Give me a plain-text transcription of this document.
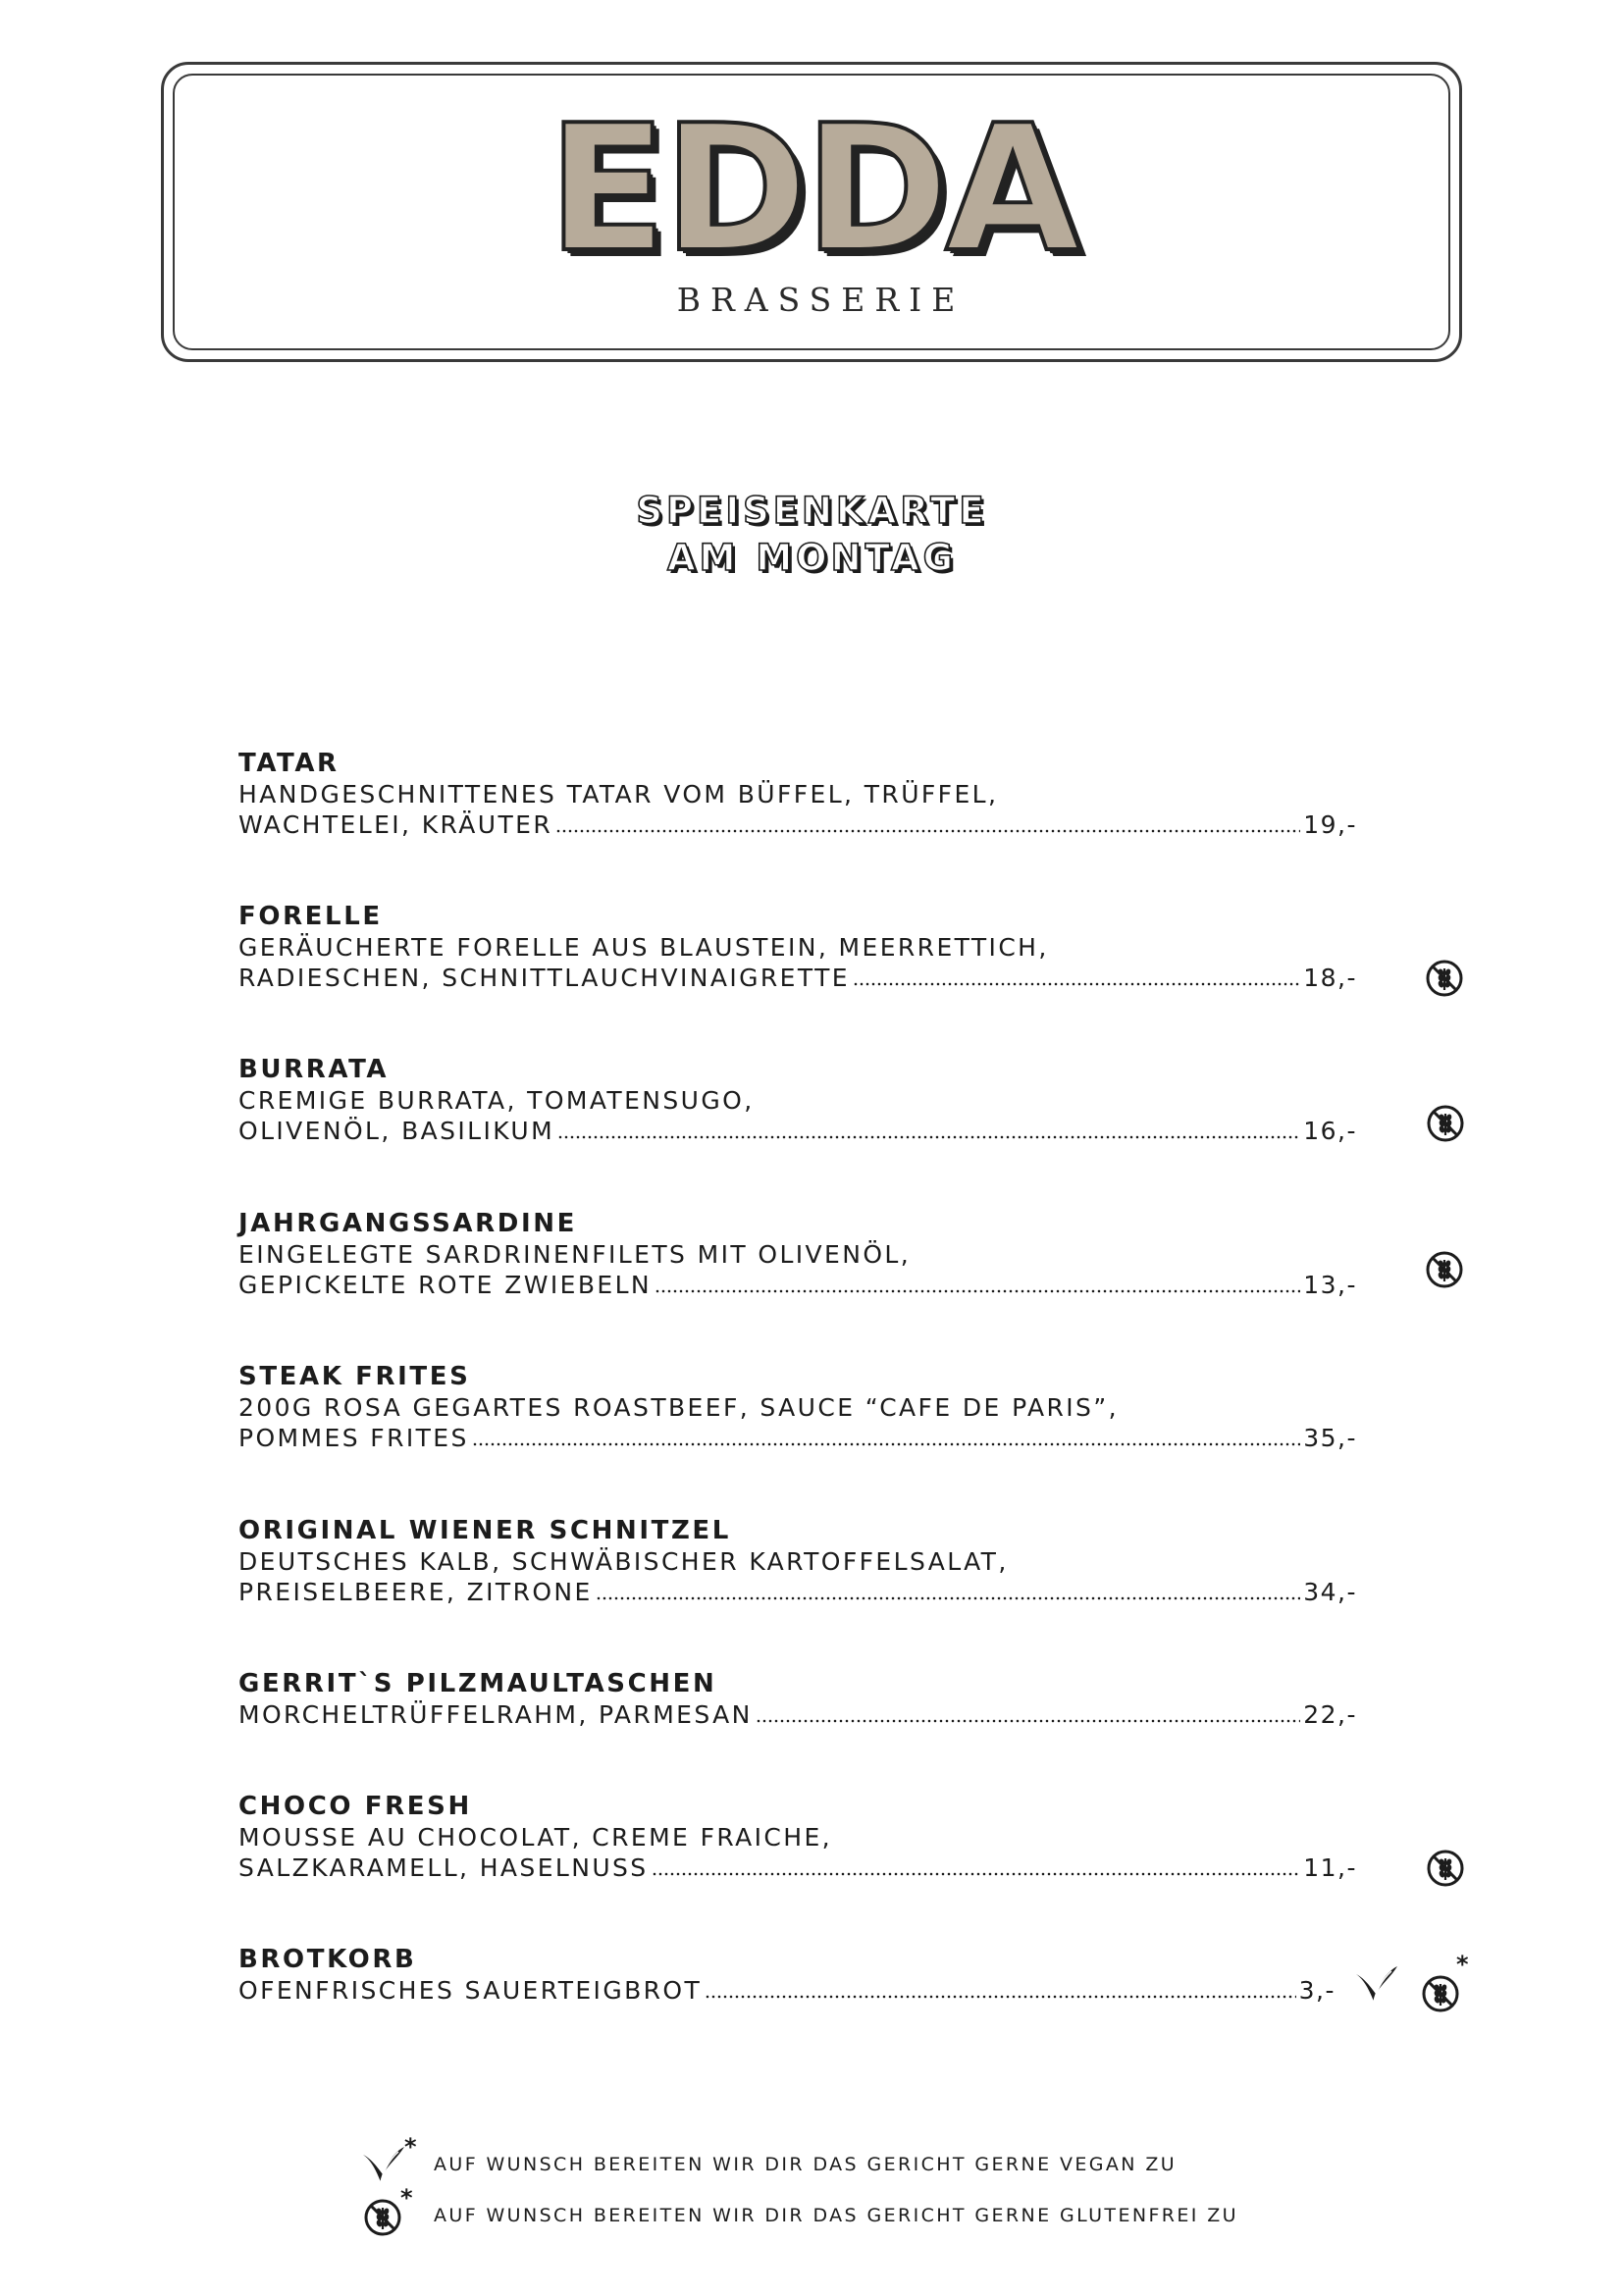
EDDA
BRASSERIE
SPEISENKARTE
AM MONTAG
TATAR
HANDGESCHNITTENES TATAR VOM BÜFFEL, TRÜFFEL,
WACHTELEI, KRÄUTER	19,-
FORELLE
GERÄUCHERTE FORELLE AUS BLAUSTEIN, MEERRETTICH,
RADIESCHEN, SCHNITTLAUCHVINAIGRETTE	18,-
BURRATA
CREMIGE BURRATA, TOMATENSUGO,
OLIVENÖL, BASILIKUM	16,-
JAHRGANGSSARDINE
EINGELEGTE SARDRINENFILETS MIT OLIVENÖL,
GEPICKELTE ROTE ZWIEBELN	13,-
STEAK FRITES
200G ROSA GEGARTES ROASTBEEF, SAUCE “CAFE DE PARIS”,
POMMES FRITES	35,-
ORIGINAL WIENER SCHNITZEL
DEUTSCHES KALB, SCHWÄBISCHER KARTOFFELSALAT,
PREISELBEERE, ZITRONE	34,-
GERRIT`S PILZMAULTASCHEN
MORCHELTRÜFFELRAHM, PARMESAN	22,-
CHOCO FRESH
MOUSSE AU CHOCOLAT, CREME FRAICHE,
SALZKARAMELL, HASELNUSS	11,-
BROTKORB
OFENFRISCHES SAUERTEIGBROT	3,-
*
*
AUF WUNSCH BEREITEN WIR DIR DAS GERICHT GERNE VEGAN ZU
*
AUF WUNSCH BEREITEN WIR DIR DAS GERICHT GERNE GLUTENFREI ZU
